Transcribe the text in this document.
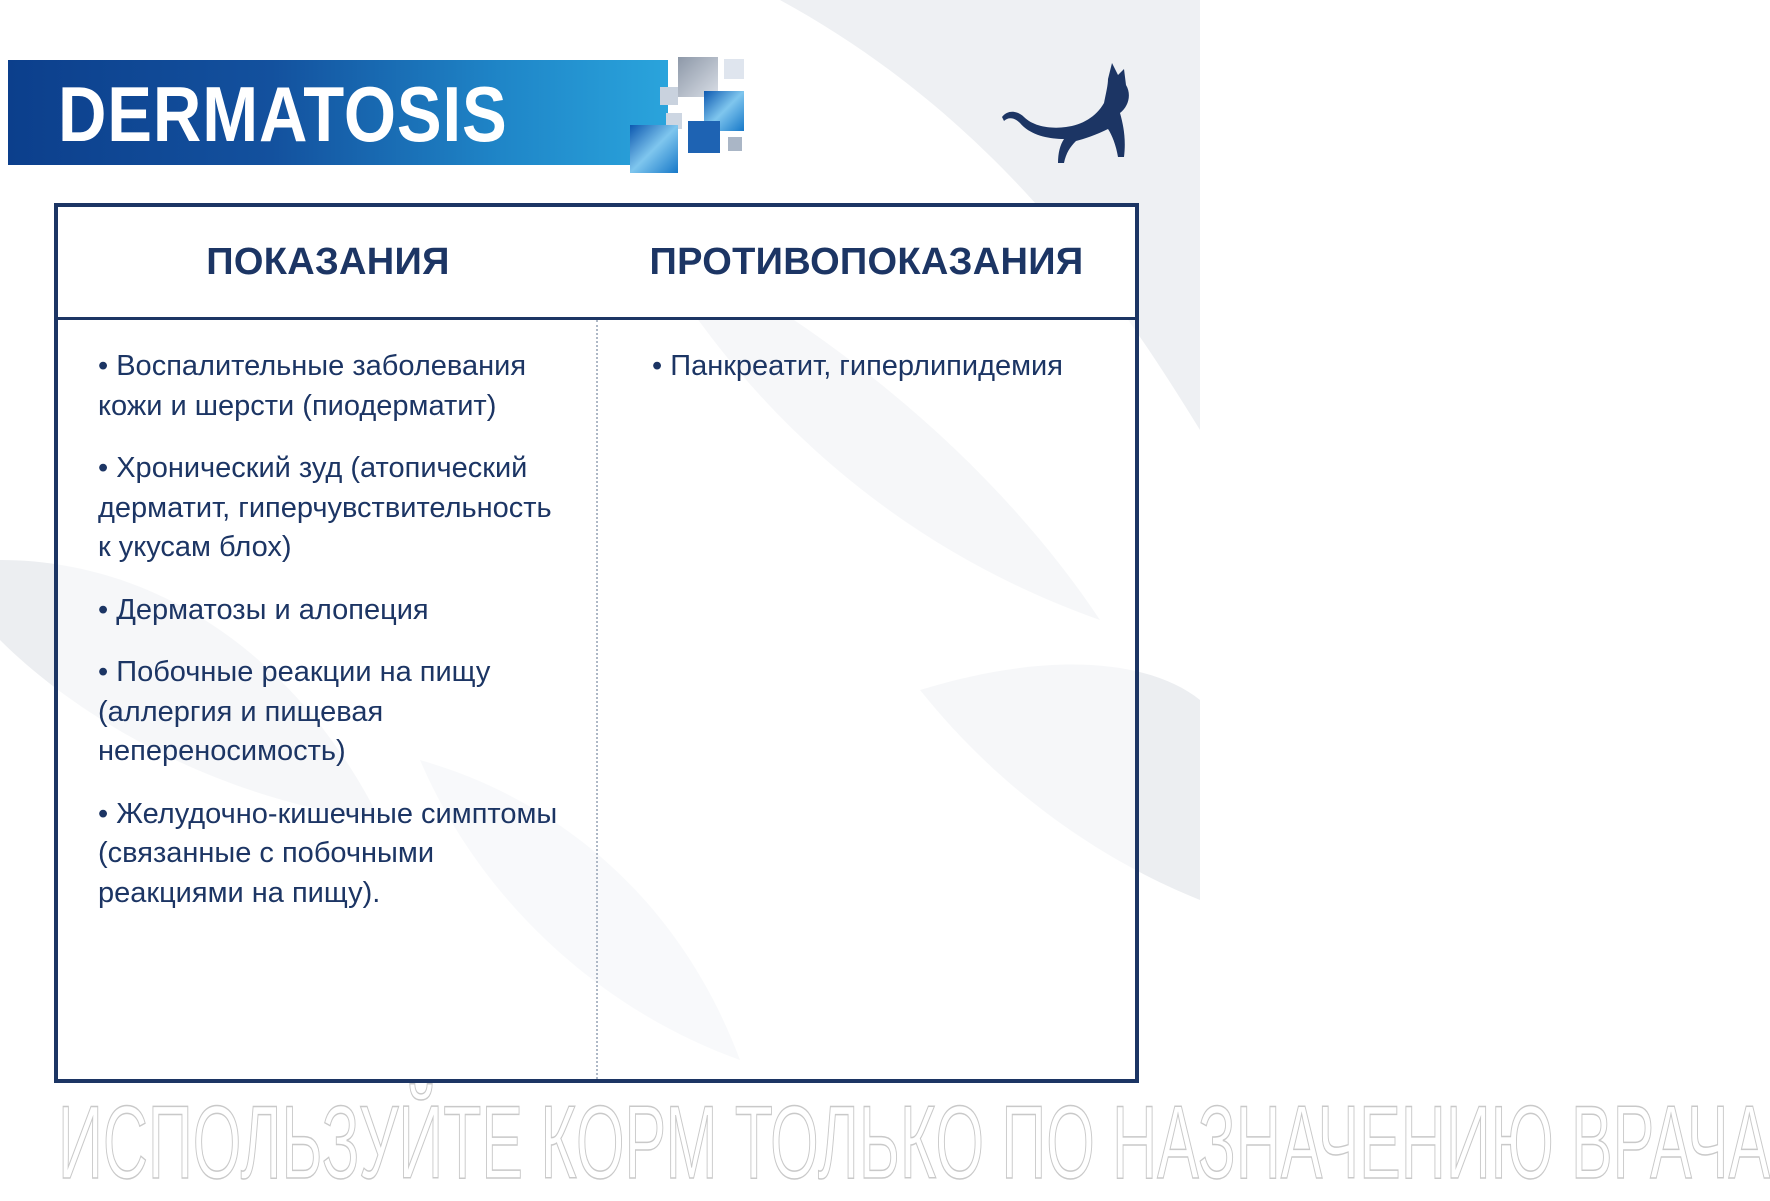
DERMATOSIS
ПОКАЗАНИЯ	ПРОТИВОПОКАЗАНИЯ
• Воспалительные заболевания кожи и шерсти (пиодерматит)
• Хронический зуд (атопический дерматит, гиперчувствительность к укусам блох)
• Дерматозы и алопеция
• Побочные реакции на пищу (аллергия и пищевая непереносимость)
• Желудочно-кишечные симптомы (связанные с побочными реакциями на пищу).
• Панкреатит, гиперлипидемия
ИСПОЛЬЗУЙТЕ КОРМ ТОЛЬКО ПО НАЗНАЧЕНИЮ ВРАЧА
